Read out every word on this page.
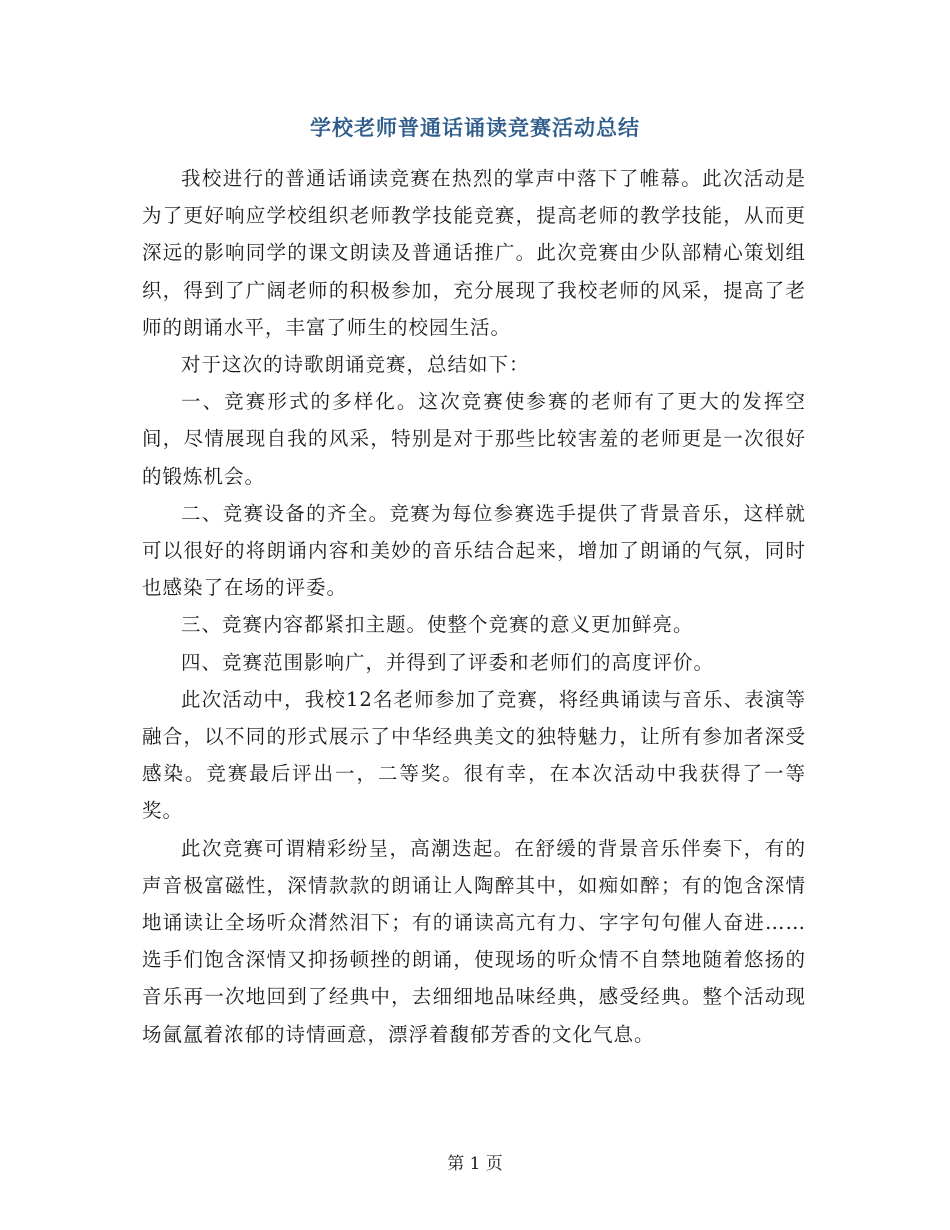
学校老师普通话诵读竞赛活动总结

我校进行的普通话诵读竞赛在热烈的掌声中落下了帷幕。此次活动是为了更好响应学校组织老师教学技能竞赛，提高老师的教学技能，从而更深远的影响同学的课文朗读及普通话推广。此次竞赛由少队部精心策划组织，得到了广阔老师的积极参加，充分展现了我校老师的风采，提高了老师的朗诵水平，丰富了师生的校园生活。

对于这次的诗歌朗诵竞赛，总结如下：

一、竞赛形式的多样化。这次竞赛使参赛的老师有了更大的发挥空间，尽情展现自我的风采，特别是对于那些比较害羞的老师更是一次很好的锻炼机会。

二、竞赛设备的齐全。竞赛为每位参赛选手提供了背景音乐，这样就可以很好的将朗诵内容和美妙的音乐结合起来，增加了朗诵的气氛，同时也感染了在场的评委。

三、竞赛内容都紧扣主题。使整个竞赛的意义更加鲜亮。

四、竞赛范围影响广，并得到了评委和老师们的高度评价。

此次活动中，我校12名老师参加了竞赛，将经典诵读与音乐、表演等融合，以不同的形式展示了中华经典美文的独特魅力，让所有参加者深受感染。竞赛最后评出一，二等奖。很有幸，在本次活动中我获得了一等奖。

此次竞赛可谓精彩纷呈，高潮迭起。在舒缓的背景音乐伴奏下，有的声音极富磁性，深情款款的朗诵让人陶醉其中，如痴如醉；有的饱含深情地诵读让全场听众潸然泪下；有的诵读高亢有力、字字句句催人奋进……选手们饱含深情又抑扬顿挫的朗诵，使现场的听众情不自禁地随着悠扬的音乐再一次地回到了经典中，去细细地品味经典，感受经典。整个活动现场氤氲着浓郁的诗情画意，漂浮着馥郁芳香的文化气息。

第 1 页
